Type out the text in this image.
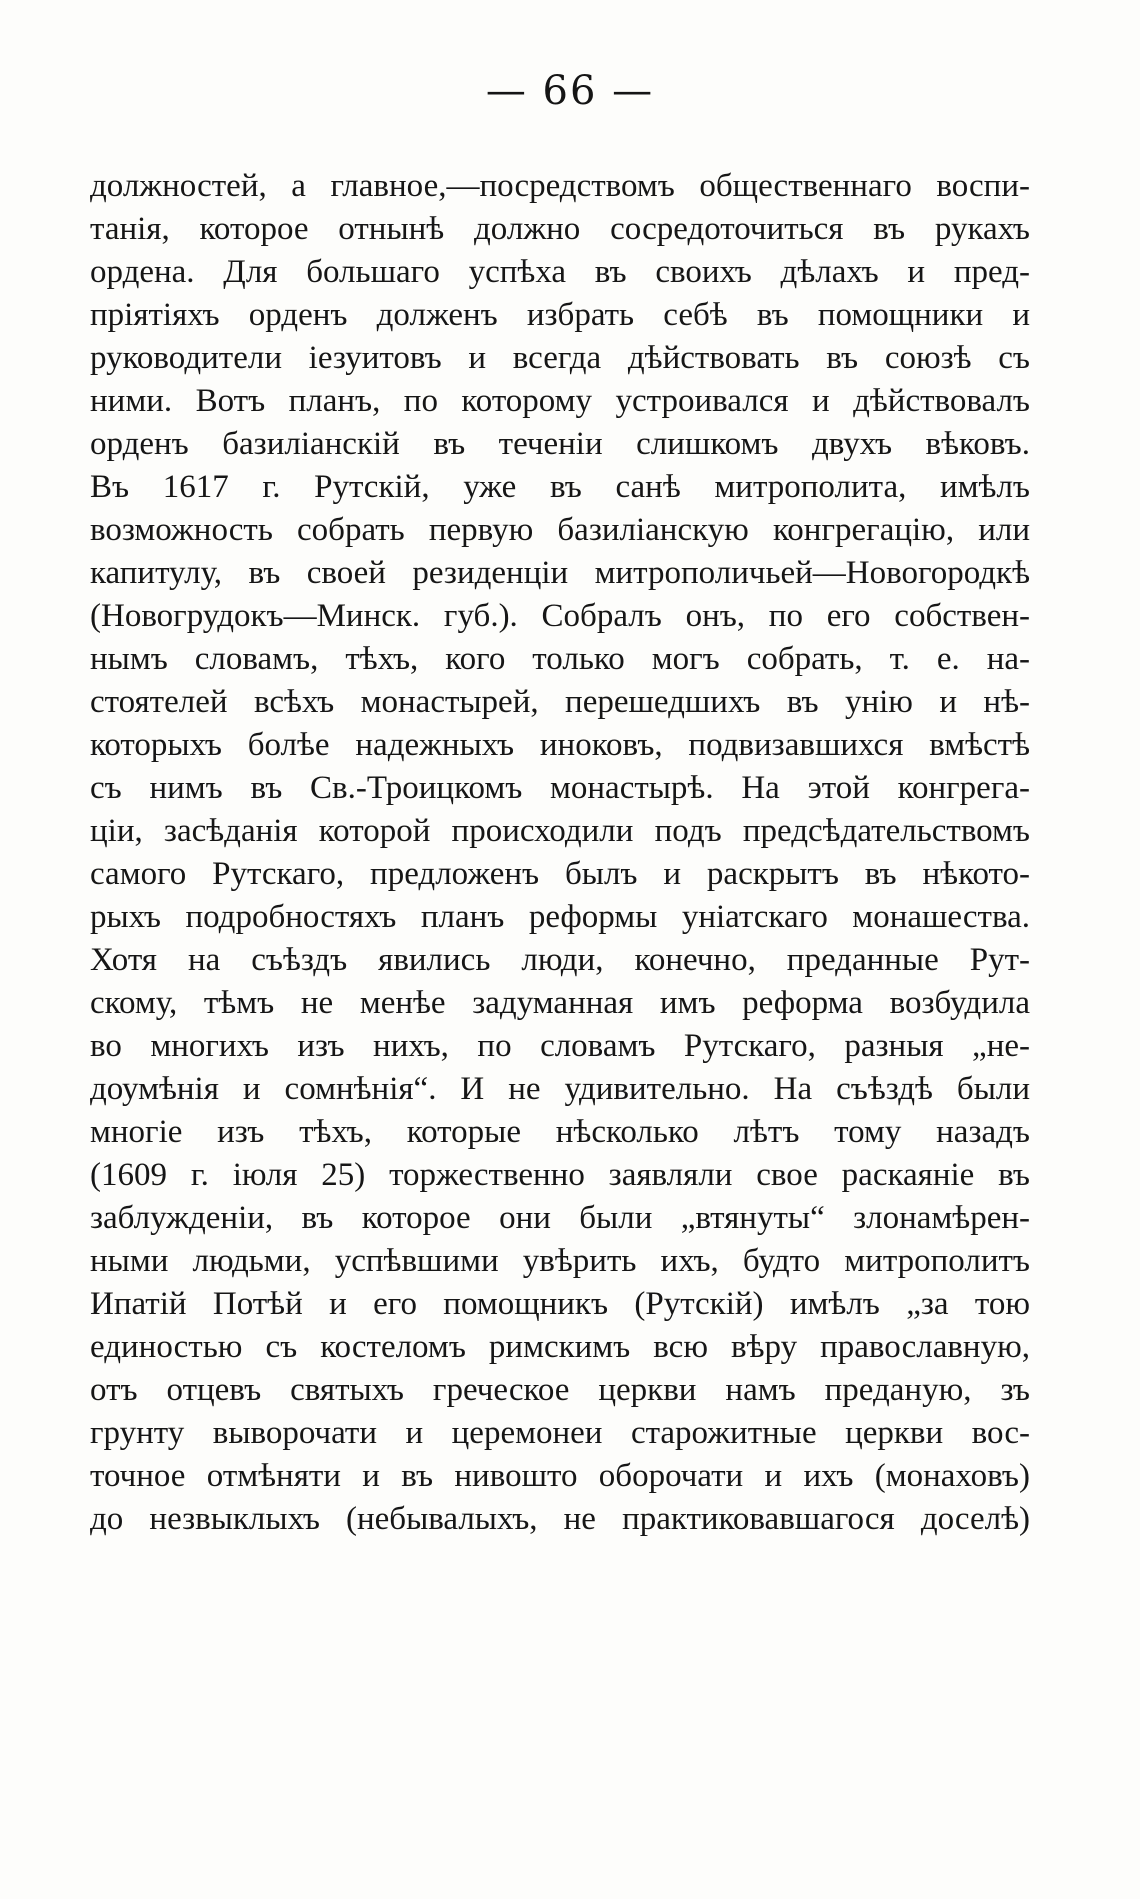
— 66 —
должностей, а главное,—посредствомъ общественнаго воспи-
танія, которое отнынѣ должно сосредоточиться въ рукахъ
ордена. Для большаго успѣха въ своихъ дѣлахъ и пред-
пріятіяхъ орденъ долженъ избрать себѣ въ помощники и
руководители іезуитовъ и всегда дѣйствовать въ союзѣ съ
ними. Вотъ планъ, по которому устроивался и дѣйствовалъ
орденъ базиліанскій въ теченіи слишкомъ двухъ вѣковъ.
Въ 1617 г. Рутскій, уже въ санѣ митрополита, имѣлъ
возможность собрать первую базиліанскую конгрегацію, или
капитулу, въ своей резиденціи митрополичьей—Новогородкѣ
(Новогрудокъ—Минск. губ.). Собралъ онъ, по его собствен-
нымъ словамъ, тѣхъ, кого только могъ собрать, т. е. на-
стоятелей всѣхъ монастырей, перешедшихъ въ унію и нѣ-
которыхъ болѣе надежныхъ иноковъ, подвизавшихся вмѣстѣ
съ нимъ въ Св.-Троицкомъ монастырѣ. На этой конгрега-
ціи, засѣданія которой происходили подъ предсѣдательствомъ
самого Рутскаго, предложенъ былъ и раскрытъ въ нѣкото-
рыхъ подробностяхъ планъ реформы уніатскаго монашества.
Хотя на съѣздъ явились люди, конечно, преданные Рут-
скому, тѣмъ не менѣе задуманная имъ реформа возбудила
во многихъ изъ нихъ, по словамъ Рутскаго, разныя „не-
доумѣнія и сомнѣнія“. И не удивительно. На съѣздѣ были
многіе изъ тѣхъ, которые нѣсколько лѣтъ тому назадъ
(1609 г. іюля 25) торжественно заявляли свое раскаяніе въ
заблужденіи, въ которое они были „втянуты“ злонамѣрен-
ными людьми, успѣвшими увѣрить ихъ, будто митрополитъ
Ипатій Потѣй и его помощникъ (Рутскій) имѣлъ „за тою
единостью съ костеломъ римскимъ всю вѣру православную,
отъ отцевъ святыхъ греческое церкви намъ преданую, зъ
грунту выворочати и церемонеи старожитные церкви вос-
точное отмѣняти и въ нивошто оборочати и ихъ (монаховъ)
до незвыклыхъ (небывалыхъ, не практиковавшагося доселѣ)
